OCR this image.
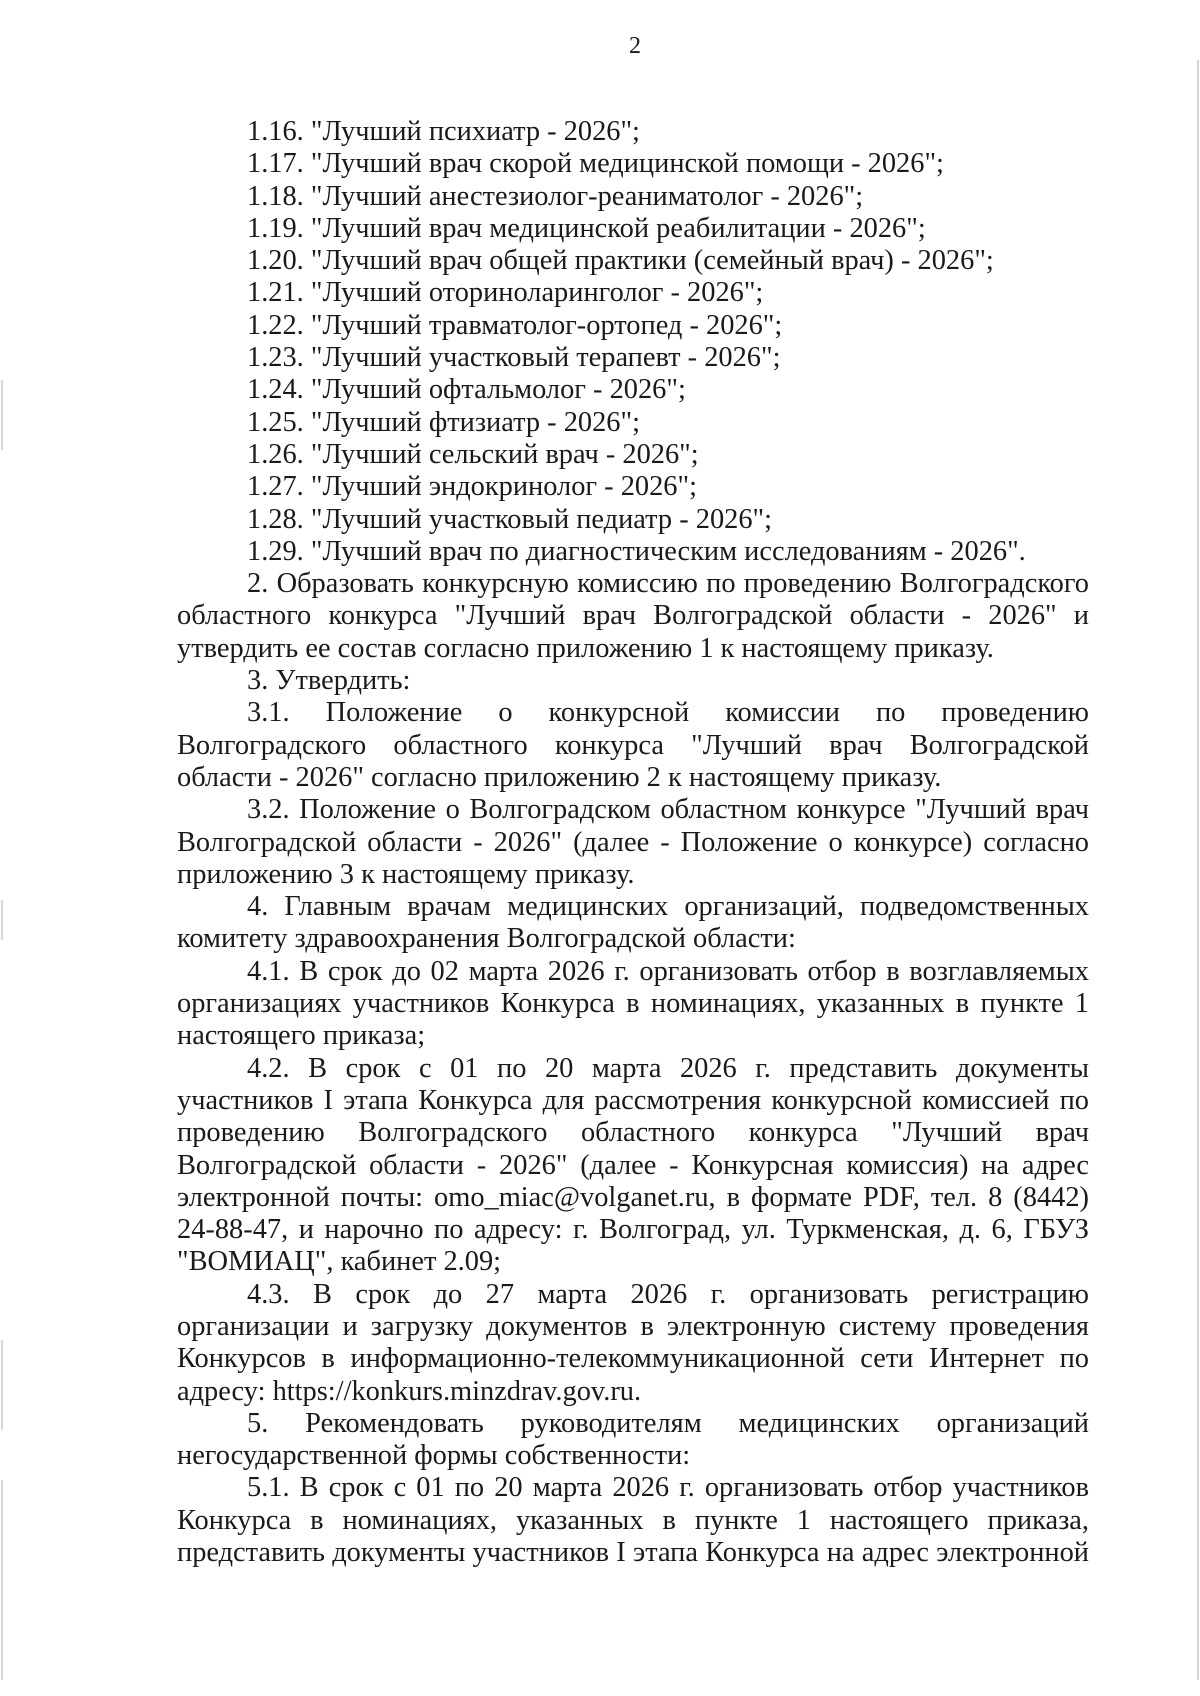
2

1.16. "Лучший психиатр - 2026";

1.17. "Лучший врач скорой медицинской помощи - 2026";

1.18. "Лучший анестезиолог-реаниматолог - 2026";

1.19. "Лучший врач медицинской реабилитации - 2026";

1.20. "Лучший врач общей практики (семейный врач) - 2026";

1.21. "Лучший оториноларинголог - 2026";

1.22. "Лучший травматолог-ортопед - 2026";

1.23. "Лучший участковый терапевт - 2026";

1.24. "Лучший офтальмолог - 2026";

1.25. "Лучший фтизиатр - 2026";

1.26. "Лучший сельский врач - 2026";

1.27. "Лучший эндокринолог - 2026";

1.28. "Лучший участковый педиатр - 2026";

1.29. "Лучший врач по диагностическим исследованиям - 2026".

2. Образовать конкурсную комиссию по проведению Волгоградского областного конкурса "Лучший врач Волгоградской области - 2026" и утвердить ее состав согласно приложению 1 к настоящему приказу.

3. Утвердить:

3.1. Положение о конкурсной комиссии по проведению Волгоградского областного конкурса "Лучший врач Волгоградской области - 2026" согласно приложению 2 к настоящему приказу.

3.2. Положение о Волгоградском областном конкурсе "Лучший врач Волгоградской области - 2026" (далее - Положение о конкурсе) согласно приложению 3 к настоящему приказу.

4. Главным врачам медицинских организаций, подведомственных комитету здравоохранения Волгоградской области:

4.1. В срок до 02 марта 2026 г. организовать отбор в возглавляемых организациях участников Конкурса в номинациях, указанных в пункте 1 настоящего приказа;

4.2. В срок с 01 по 20 марта 2026 г. представить документы участников I этапа Конкурса для рассмотрения конкурсной комиссией по проведению Волгоградского областного конкурса "Лучший врач Волгоградской области - 2026" (далее - Конкурсная комиссия) на адрес электронной почты: omo_miac@volganet.ru, в формате PDF, тел. 8 (8442) 24-88-47, и нарочно по адресу: г. Волгоград, ул. Туркменская, д. 6, ГБУЗ "ВОМИАЦ", кабинет 2.09;

4.3. В срок до 27 марта 2026 г. организовать регистрацию организации и загрузку документов в электронную систему проведения Конкурсов в информационно-телекоммуникационной сети Интернет по адресу: https://konkurs.minzdrav.gov.ru.

5. Рекомендовать руководителям медицинских организаций негосударственной формы собственности:

5.1. В срок с 01 по 20 марта 2026 г. организовать отбор участников Конкурса в номинациях, указанных в пункте 1 настоящего приказа, представить документы участников I этапа Конкурса на адрес электронной
